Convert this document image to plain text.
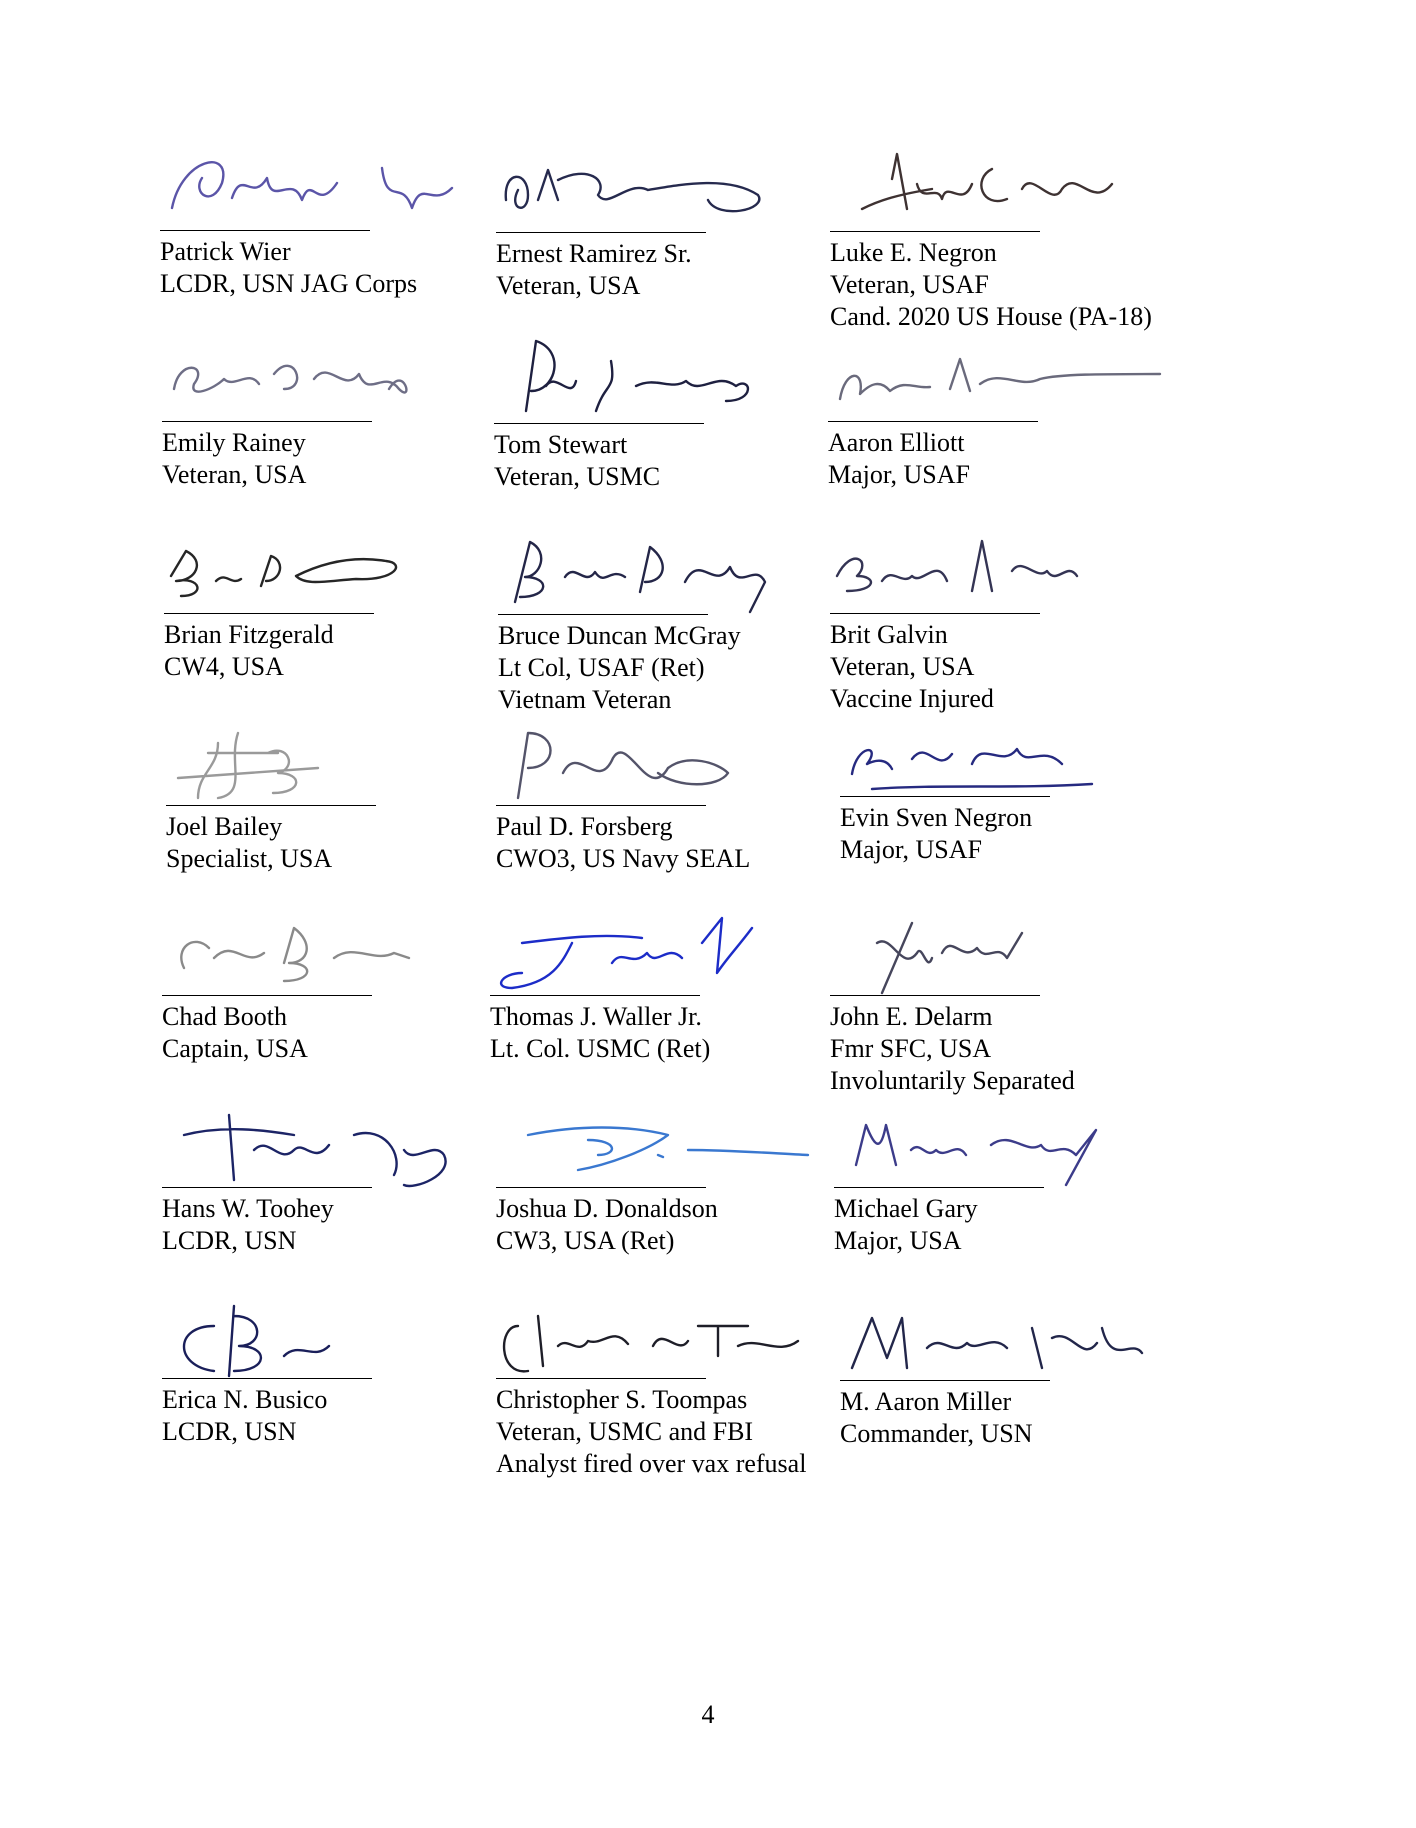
Patrick Wier
LCDR, USN JAG Corps
Ernest Ramirez Sr.
Veteran, USA
Luke E. Negron
Veteran, USAF
Cand. 2020 US House (PA-18)
Emily Rainey
Veteran, USA
Tom Stewart
Veteran, USMC
Aaron Elliott
Major, USAF
Brian Fitzgerald
CW4, USA
Bruce Duncan McGray
Lt Col, USAF (Ret)
Vietnam Veteran
Brit Galvin
Veteran, USA
Vaccine Injured
Joel Bailey
Specialist, USA
Paul D. Forsberg
CWO3, US Navy SEAL
Evin Sven Negron
Major, USAF
Chad Booth
Captain, USA
Thomas J. Waller Jr.
Lt. Col. USMC (Ret)
John E. Delarm
Fmr SFC, USA
Involuntarily Separated
Hans W. Toohey
LCDR, USN
Joshua D. Donaldson
CW3, USA (Ret)
Michael Gary
Major, USA
Erica N. Busico
LCDR, USN
Christopher S. Toompas
Veteran, USMC and FBI
Analyst fired over vax refusal
M. Aaron Miller
Commander, USN
4
